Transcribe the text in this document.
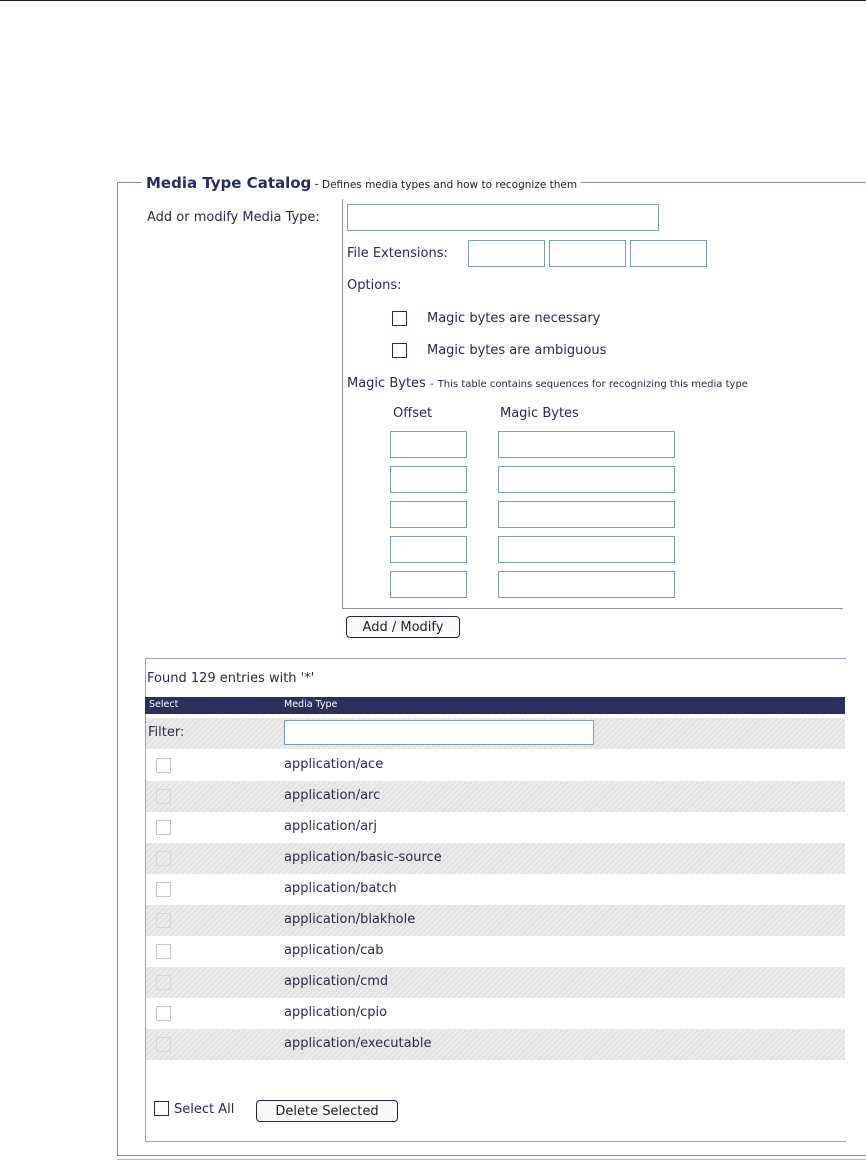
Media Type Catalog - Defines media types and how to recognize them
Add or modify Media Type:
File Extensions:
Options:
Magic bytes are necessary
Magic bytes are ambiguous
Magic Bytes - This table contains sequences for recognizing this media type
Offset	Magic Bytes
Add / Modify
Found 129 entries with '*'
Select	Media Type
Filter:
application/ace
application/arc
application/arj
application/basic-source
application/batch
application/blakhole
application/cab
application/cmd
application/cpio
application/executable
Select All	Delete Selected
